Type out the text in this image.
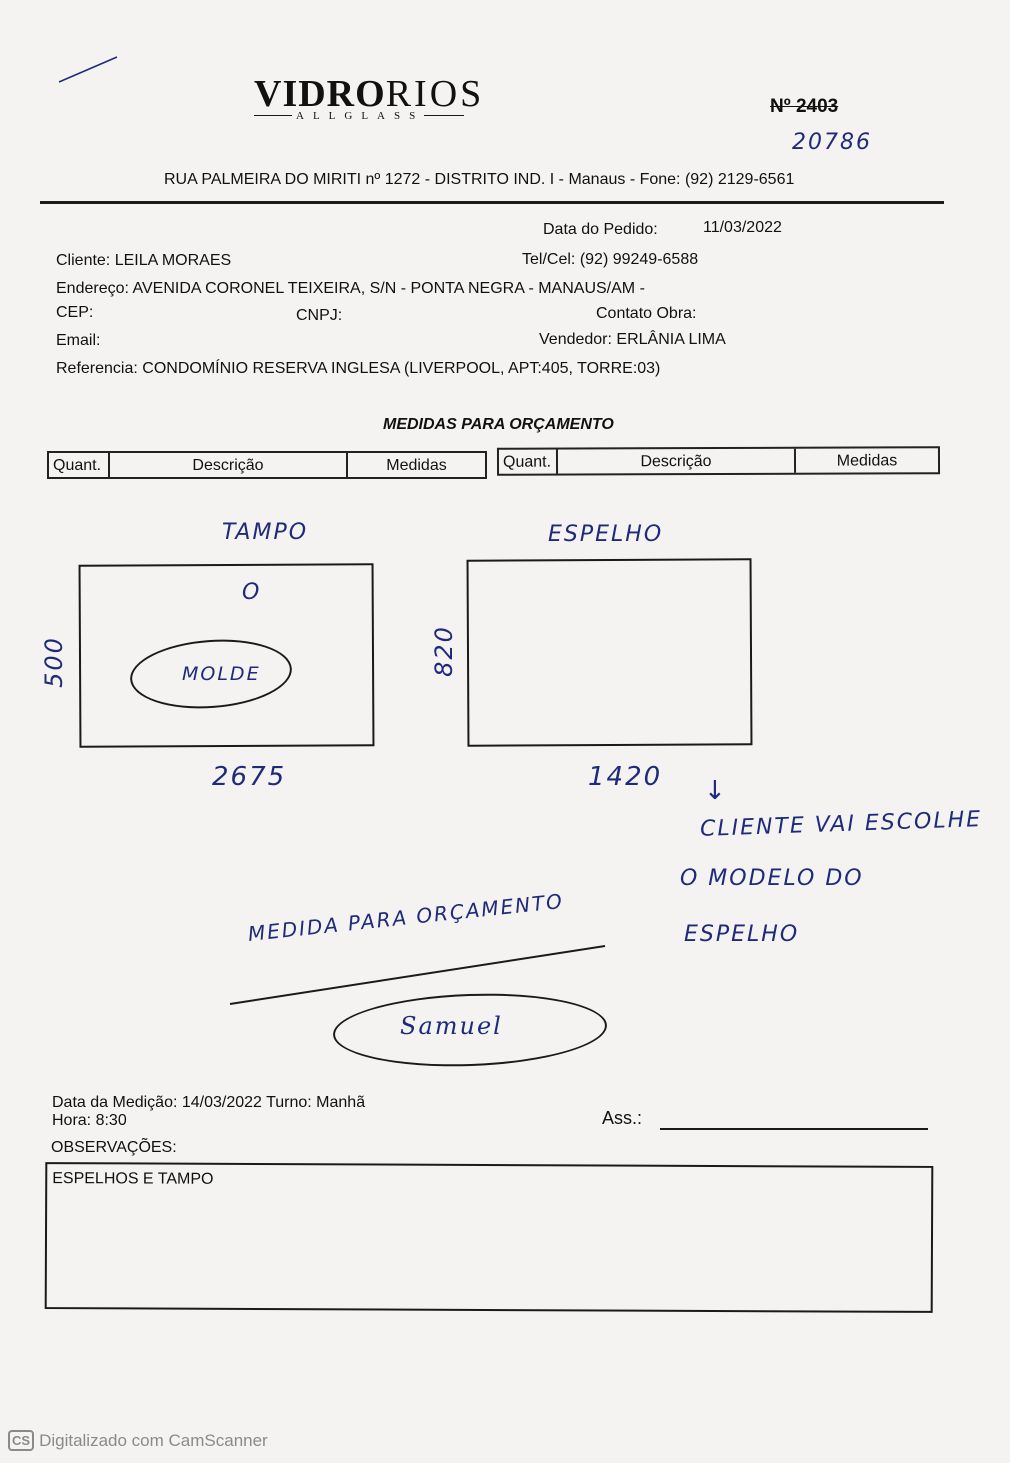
VIDRORIOS
ALLGLASS	Nº 2403
20786
RUA PALMEIRA DO MIRITI nº 1272 - DISTRITO IND. I - Manaus - Fone: (92) 2129-6561
Data do Pedido:	11/03/2022
Cliente: LEILA MORAES	Tel/Cel: (92) 99249-6588
Endereço: AVENIDA CORONEL TEIXEIRA, S/N - PONTA NEGRA - MANAUS/AM -
CEP:	CNPJ:	Contato Obra:
Email:	Vendedor: ERLÂNIA LIMA
Referencia: CONDOMÍNIO RESERVA INGLESA (LIVERPOOL, APT:405, TORRE:03)
MEDIDAS PARA ORÇAMENTO
Quant.	Descrição	Medidas	Quant.	Descrição	Medidas
TAMPO
O
MOLDE
500
2675
ESPELHO
820
1420 ↓
CLIENTE VAI ESCOLHE
O MODELO DO
ESPELHO
MEDIDA PARA ORÇAMENTO
Samuel
Data da Medição: 14/03/2022 Turno: Manhã
Hora: 8:30	Ass.:
OBSERVAÇÕES:
ESPELHOS E TAMPO
CS Digitalizado com CamScanner
